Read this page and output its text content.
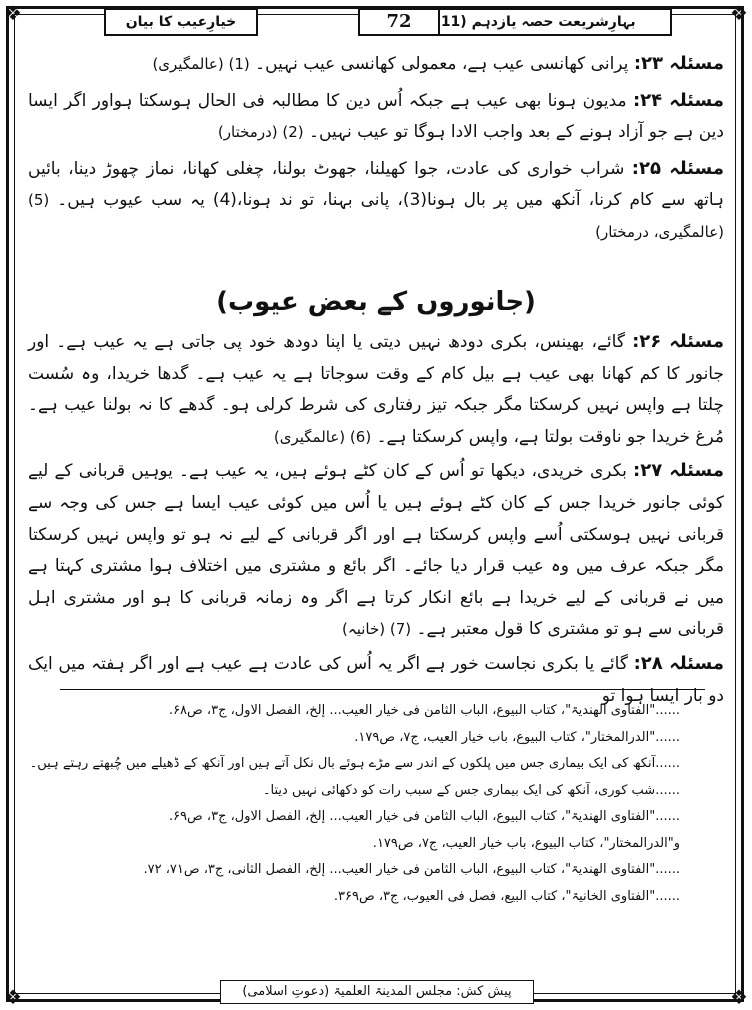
❖	❖
❖	❖
بہارِشریعت حصہ یازدہم (11
72
خیارِعیب کا بیان

مسئلہ ۲۳: پرانی کھانسی عیب ہے، معمولی کھانسی عیب نہیں۔ (1) (عالمگیری)

مسئلہ ۲۴: مدیون ہونا بھی عیب ہے جبکہ اُس دین کا مطالبہ فی الحال ہوسکتا ہواور اگر ایسا دین ہے جو آزاد ہونے کے بعد واجب الادا ہوگا تو عیب نہیں۔ (2) (درمختار)

مسئلہ ۲۵: شراب خواری کی عادت، جوا کھیلنا، جھوٹ بولنا، چغلی کھانا، نماز چھوڑ دینا، بائیں ہاتھ سے کام کرنا، آنکھ میں پر بال ہونا(3)، پانی بہنا، تو ند ہونا،(4) یہ سب عیوب ہیں۔ (5) (عالمگیری، درمختار)

(جانوروں کے بعض عیوب)

مسئلہ ۲۶: گائے، بھینس، بکری دودھ نہیں دیتی یا اپنا دودھ خود پی جاتی ہے یہ عیب ہے۔ اور جانور کا کم کھانا بھی عیب ہے بیل کام کے وقت سوجاتا ہے یہ عیب ہے۔ گدھا خریدا، وہ سُست چلتا ہے واپس نہیں کرسکتا مگر جبکہ تیز رفتاری کی شرط کرلی ہو۔ گدھے کا نہ بولنا عیب ہے۔ مُرغ خریدا جو ناوقت بولتا ہے، واپس کرسکتا ہے۔ (6) (عالمگیری)

مسئلہ ۲۷: بکری خریدی، دیکھا تو اُس کے کان کٹے ہوئے ہیں، یہ عیب ہے۔ یوہیں قربانی کے لیے کوئی جانور خریدا جس کے کان کٹے ہوئے ہیں یا اُس میں کوئی عیب ایسا ہے جس کی وجہ سے قربانی نہیں ہوسکتی اُسے واپس کرسکتا ہے اور اگر قربانی کے لیے نہ ہو تو واپس نہیں کرسکتا مگر جبکہ عرف میں وہ عیب قرار دیا جائے۔ اگر بائع و مشتری میں اختلاف ہوا مشتری کہتا ہے میں نے قربانی کے لیے خریدا ہے بائع انکار کرتا ہے اگر وہ زمانہ قربانی کا ہو اور مشتری اہل قربانی سے ہو تو مشتری کا قول معتبر ہے۔ (7) (خانیہ)

مسئلہ ۲۸: گائے یا بکری نجاست خور ہے اگر یہ اُس کی عادت ہے عیب ہے اور اگر ہفتہ میں ایک دو بار ایسا ہوا تو

......"الفتاوی الھندیۃ"، کتاب البیوع، الباب الثامن فی خیار العیب... إلخ، الفصل الاول، ج۳، ص۶۸.
......"الدرالمختار"، کتاب البیوع، باب خیار العیب، ج۷، ص۱۷۹.
......آنکھ کی ایک بیماری جس میں پلکوں کے اندر سے مڑے ہوئے بال نکل آتے ہیں اور آنکھ کے ڈھیلے میں چُبھتے رہتے ہیں۔
......شب کوری، آنکھ کی ایک بیماری جس کے سبب رات کو دکھائی نہیں دیتا۔
......"الفتاوی الھندیۃ"، کتاب البیوع، الباب الثامن فی خیار العیب... إلخ، الفصل الاول، ج۳، ص۶۹.
و"الدرالمختار"، کتاب البیوع، باب خیار العیب، ج۷، ص۱۷۹.
......"الفتاوی الھندیۃ"، کتاب البیوع، الباب الثامن فی خیار العیب... إلخ، الفصل الثانی، ج۳، ص۷۱، ۷۲.
......"الفتاوی الخانیۃ"، کتاب البیع، فصل فی العیوب، ج۳، ص۳۶۹.
پیش کش: مجلس المدینۃ العلمیۃ (دعوتِ اسلامی)
